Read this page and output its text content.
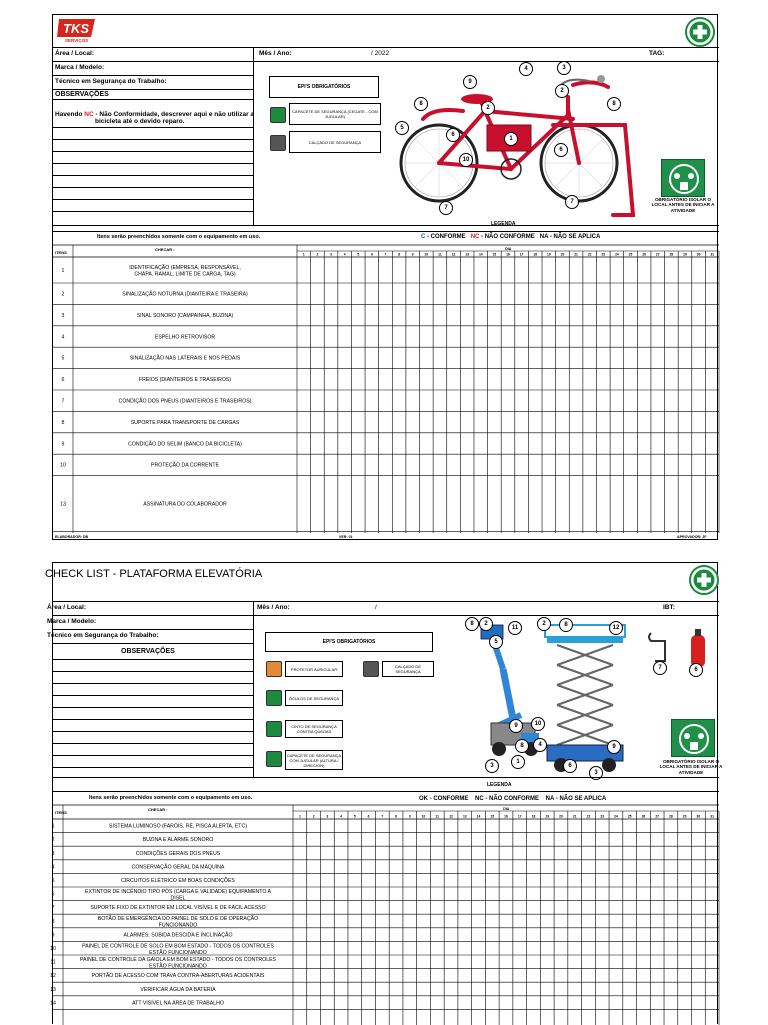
TKS
SERVIÇOS
Área / Local:	Mês / Ano:	/ 2022	TAG:
Marca / Modelo:
Técnico em Segurança do Trabalho:
OBSERVAÇÕES
Havendo NC - Não Conformidade, descrever aqui e não utilizar a
bicicleta até o devido reparo.
EPI'S OBRIGATÓRIOS
CAPACETE DE SEGURANÇA (CEGATE - COM JUGULAR)
CALÇADO DE SEGURANÇA
4	3
9
2
8
2
8
5
6
1
6
10
7
7	OBRIGATÓRIO ISOLAR O LOCAL ANTES DE INICIAR A ATIVIDADE
LEGENDA
Itens serão preenchidos somente com o equipamento em uso.	C - CONFORME NC - NÃO CONFORME NA - NÃO SE APLICA
ITENS
CHECAR :	DIA
1	2	3	4	5	6	7	8	9	10	11	12	13	14	15	16	17	18	19	20	21	22	23	24	25	26	27	28	29	30	31
1	IDENTIFICAÇÃO (EMPRESA, RESPONSÁVEL,
CHAPA, RAMAL, LIMITE DE CARGA, TAG)
2	SINALIZAÇÃO NOTURNA (DIANTEIRA E TRASEIRA)
3	SINAL SONORO (CAMPAINHA, BUZINA)
4	ESPELHO RETROVISOR
5	SINALIZAÇÃO NAS LATERAIS E NOS PEDAIS
6	FREIOS (DIANTEIROS E TRASEIROS)
7	CONDIÇÃO DOS PNEUS (DIANTEIROS E TRASEIROS)
8	SUPORTE PARA TRANSPORTE DE CARGAS
9	CONDIÇÃO DO SELIM (BANCO DA BICICLETA)
10	PROTEÇÃO DA CORRENTE
13	ASSINATURA DO COLABORADOR
ELABORADOR: DB	VER: 01	APROVADOR: JF
CHECK LIST - PLATAFORMA ELEVATÓRIA
Área / Local:	Mês / Ano:	/	IBT:
Marca / Modelo:
Técnico em Segurança do Trabalho:
OBSERVAÇÕES
EPI'S OBRIGATÓRIOS
PROTETOR AURICULAR	CALÇADO DE SEGURANÇA
ÓCULOS DE SEGURANÇA
CINTO DE SEGURANÇA CONTRA QUEDAS
CAPACETE DE SEGURANÇA COM JUGULAR (ALTURA / DIRECION)
8	2
11
2	8	12
5
9	10
8	4	9
3
1
6
3
7	6
OBRIGATÓRIO ISOLAR O LOCAL ANTES DE INICIAR A ATIVIDADE
LEGENDA
Itens serão preenchidos somente com o equipamento em uso.	OK - CONFORME    NC - NÃO CONFORME    NA - NÃO SE APLICA
ITENS
CHECAR :	DIA
1	2	3	4	5	6	7	8	9	10	11	12	13	14	15	16	17	18	19	20	21	22	23	24	25	26	27	28	29	30	31
1	SISTEMA LUMINOSO (FARÓIS, RÉ, PISCA ALERTA, ETC)
2	BUZINA E ALARME SONORO
3	CONDIÇÕES GERAIS DOS PNEUS
4	CONSERVAÇÃO GERAL DA MÁQUINA
5	CIRCUITOS ELÉTRICO EM BOAS CONDIÇÕES
6	EXTINTOR DE INCÊNDIO TIPO PÓS (CARGA E VALIDADE) EQUIPAMENTO A
DISEL
7	SUPORTE FIXO DE EXTINTOR EM LOCAL VISÍVEL E DE FÁCIL ACESSO
8	BOTÃO DE EMERGÊNCIA DO PAINEL DE SOLO E DE OPERAÇÃO
FUNCIONANDO
9	ALARMES: SUBIDA DESCIDA E INCLINAÇÃO
10	PAINEL DE CONTROLE DE SOLO EM BOM ESTADO - TODOS OS CONTROLES
ESTÃO FUNCIONANDO
11	PAINEL DE CONTROLE DA GAIOLA EM BOM ESTADO - TODOS OS CONTROLES
ESTÃO FUNCIONANDO
12	PORTÃO DE ACESSO COM TRAVA CONTRA-ABERTURAS ACIDENTAIS
13	VERIFICAR ÁGUA DA BATERIA
14	ATT VISÍVEL NA ÁREA DE TRABALHO
